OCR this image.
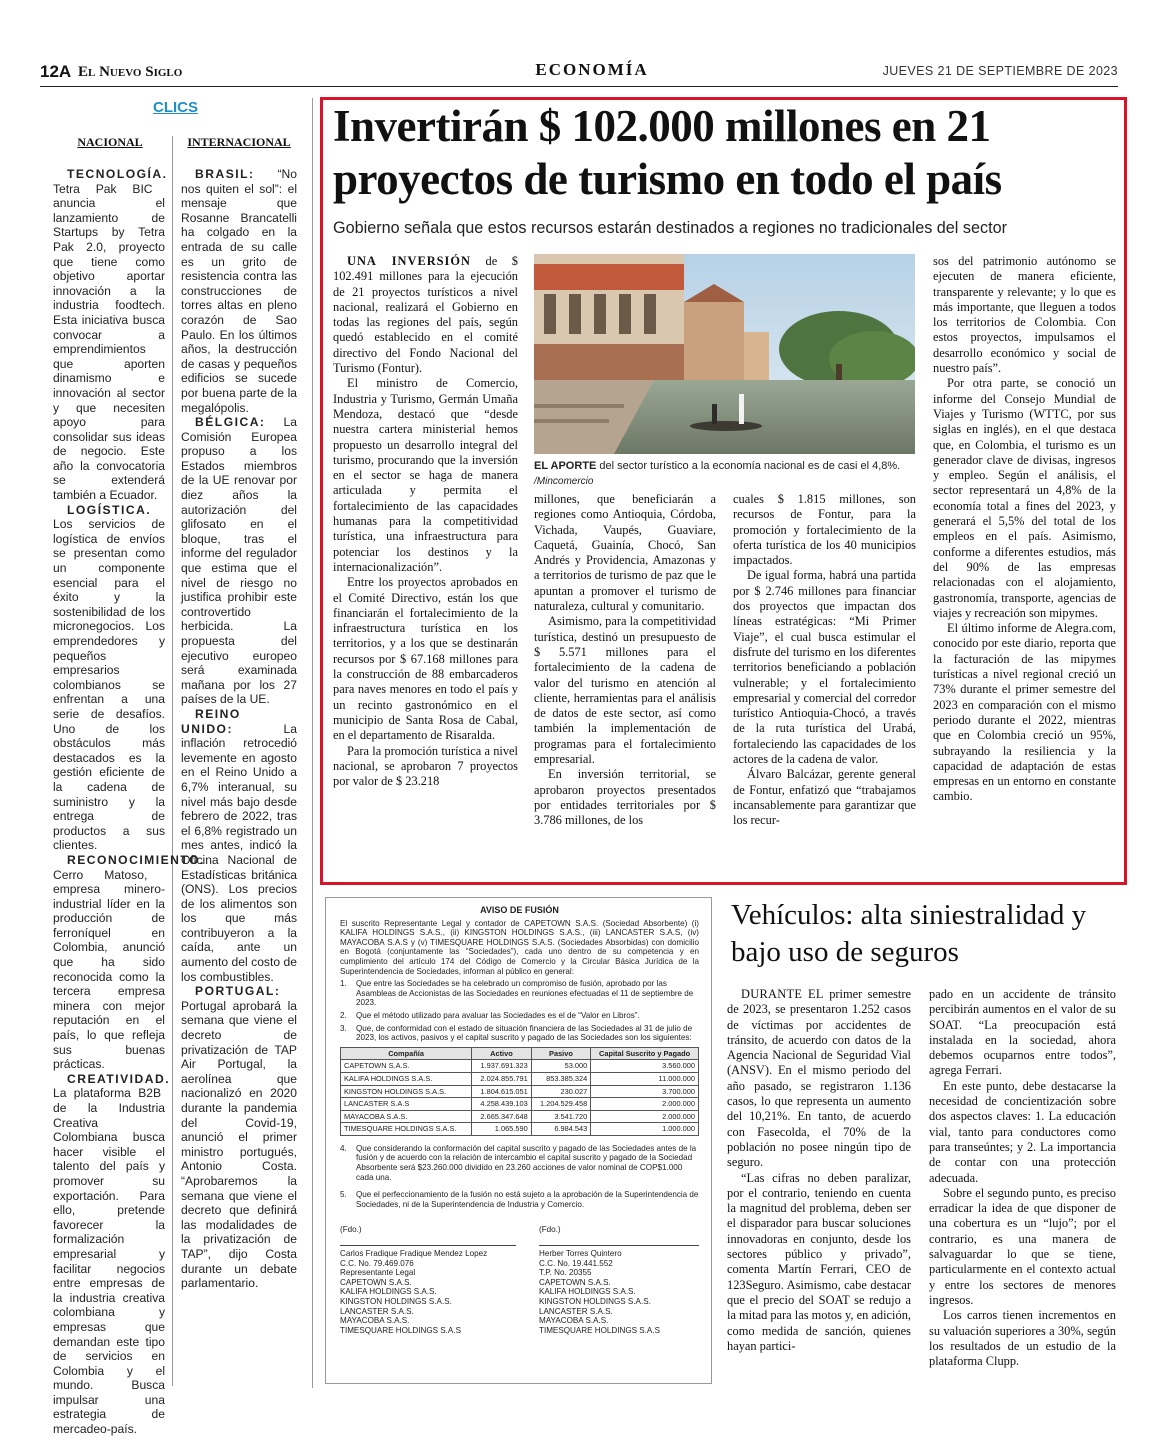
12A El Nuevo Siglo	ECONOMÍA	JUEVES 21 DE SEPTIEMBRE DE 2023
CLICS
NACIONAL	INTERNACIONAL

TECNOLOGÍA. Tetra Pak BIC anuncia el lanzamiento de Startups by Tetra Pak 2.0, proyecto que tiene como objetivo aportar innovación a la industria foodtech. Esta iniciativa busca convocar a emprendimientos que aporten dinamismo e innovación al sector y que necesiten apoyo para consolidar sus ideas de negocio. Este año la convocatoria se extenderá también a Ecuador.

LOGÍSTICA. Los servicios de logística de envíos se presentan como un componente esencial para el éxito y la sostenibilidad de los micronegocios. Los emprendedores y pequeños empresarios colombianos se enfrentan a una serie de desafíos. Uno de los obstáculos más destacados es la gestión eficiente de la cadena de suministro y la entrega de productos a sus clientes.

RECONOCIMIENTO. Cerro Matoso, empresa minero-industrial líder en la producción de ferroníquel en Colombia, anunció que ha sido reconocida como la tercera empresa minera con mejor reputación en el país, lo que refleja sus buenas prácticas.

CREATIVIDAD. La plataforma B2B de la Industria Creativa Colombiana busca hacer visible el talento del país y promover su exportación. Para ello, pretende favorecer la formalización empresarial y facilitar negocios entre empresas de la industria creativa colombiana y empresas que demandan este tipo de servicios en Colombia y el mundo. Busca impulsar una estrategia de mercadeo-país.

BRASIL: “No nos quiten el sol”: el mensaje que Rosanne Brancatelli ha colgado en la entrada de su calle es un grito de resistencia contra las construcciones de torres altas en pleno corazón de Sao Paulo. En los últimos años, la destrucción de casas y pequeños edificios se sucede por buena parte de la megalópolis.

BÉLGICA: La Comisión Europea propuso a los Estados miembros de la UE renovar por diez años la autorización del glifosato en el bloque, tras el informe del regulador que estima que el nivel de riesgo no justifica prohibir este controvertido herbicida. La propuesta del ejecutivo europeo será examinada mañana por los 27 países de la UE.

REINO UNIDO: La inflación retrocedió levemente en agosto en el Reino Unido a 6,7% interanual, su nivel más bajo desde febrero de 2022, tras el 6,8% registrado un mes antes, indicó la Oficina Nacional de Estadísticas británica (ONS). Los precios de los alimentos son los que más contribuyeron a la caída, ante un aumento del costo de los combustibles.

PORTUGAL: Portugal aprobará la semana que viene el decreto de privatización de TAP Air Portugal, la aerolínea que nacionalizó en 2020 durante la pandemia del Covid-19, anunció el primer ministro portugués, Antonio Costa. “Aprobaremos la semana que viene el decreto que definirá las modalidades de la privatización de TAP”, dijo Costa durante un debate parlamentario.

Invertirán $ 102.000 millones en 21 proyectos de turismo en todo el país
Gobierno señala que estos recursos estarán destinados a regiones no tradicionales del sector
EL APORTE del sector turístico a la economía nacional es de casi el 4,8%. /Mincomercio

UNA INVERSIÓN de $ 102.491 millones para la ejecución de 21 proyectos turísticos a nivel nacional, realizará el Gobierno en todas las regiones del país, según quedó establecido en el comité directivo del Fondo Nacional del Turismo (Fontur).

El ministro de Comercio, Industria y Turismo, Germán Umaña Mendoza, destacó que “desde nuestra cartera ministerial hemos propuesto un desarrollo integral del turismo, procurando que la inversión en el sector se haga de manera articulada y permita el fortalecimiento de las capacidades humanas para la competitividad turística, una infraestructura para potenciar los destinos y la internacionalización”.

Entre los proyectos aprobados en el Comité Directivo, están los que financiarán el fortalecimiento de la infraestructura turística en los territorios, y a los que se destinarán recursos por $ 67.168 millones para la construcción de 88 embarcaderos para naves menores en todo el país y un recinto gastronómico en el municipio de Santa Rosa de Cabal, en el departamento de Risaralda.

Para la promoción turística a nivel nacional, se aprobaron 7 proyectos por valor de $ 23.218

millones, que beneficiarán a regiones como Antioquia, Córdoba, Vichada, Vaupés, Guaviare, Caquetá, Guainía, Chocó, San Andrés y Providencia, Amazonas y a territorios de turismo de paz que le apuntan a promover el turismo de naturaleza, cultural y comunitario.

Asimismo, para la competitividad turística, destinó un presupuesto de $ 5.571 millones para el fortalecimiento de la cadena de valor del turismo en atención al cliente, herramientas para el análisis de datos de este sector, así como también la implementación de programas para el fortalecimiento empresarial.

En inversión territorial, se aprobaron proyectos presentados por entidades territoriales por $ 3.786 millones, de los

cuales $ 1.815 millones, son recursos de Fontur, para la promoción y fortalecimiento de la oferta turística de los 40 municipios impactados.

De igual forma, habrá una partida por $ 2.746 millones para financiar dos proyectos que impactan dos líneas estratégicas: “Mi Primer Viaje”, el cual busca estimular el disfrute del turismo en los diferentes territorios beneficiando a población vulnerable; y el fortalecimiento empresarial y comercial del corredor turístico Antioquia-Chocó, a través de la ruta turística del Urabá, fortaleciendo las capacidades de los actores de la cadena de valor.

Álvaro Balcázar, gerente general de Fontur, enfatizó que “trabajamos incansablemente para garantizar que los recur-

sos del patrimonio autónomo se ejecuten de manera eficiente, transparente y relevante; y lo que es más importante, que lleguen a todos los territorios de Colombia. Con estos proyectos, impulsamos el desarrollo económico y social de nuestro país”.

Por otra parte, se conoció un informe del Consejo Mundial de Viajes y Turismo (WTTC, por sus siglas en inglés), en el que destaca que, en Colombia, el turismo es un generador clave de divisas, ingresos y empleo. Según el análisis, el sector representará un 4,8% de la economía total a fines del 2023, y generará el 5,5% del total de los empleos en el país. Asimismo, conforme a diferentes estudios, más del 90% de las empresas relacionadas con el alojamiento, gastronomía, transporte, agencias de viajes y recreación son mipymes.

El último informe de Alegra.com, conocido por este diario, reporta que la facturación de las mipymes turísticas a nivel regional creció un 73% durante el primer semestre del 2023 en comparación con el mismo periodo durante el 2022, mientras que en Colombia creció un 95%, subrayando la resiliencia y la capacidad de adaptación de estas empresas en un entorno en constante cambio.

AVISO DE FUSIÓN
El suscrito Representante Legal y contador de CAPETOWN S.A.S. (Sociedad Absorbente) (i) KALIFA HOLDINGS S.A.S., (ii) KINGSTON HOLDINGS S.A.S., (iii) LANCASTER S.A.S, (iv) MAYACOBA S.A.S y (v) TIMESQUARE HOLDINGS S.A.S. (Sociedades Absorbidas) con domicilio en Bogotá (conjuntamente las “Sociedades”), cada uno dentro de su competencia y en cumplimiento del artículo 174 del Código de Comercio y la Circular Básica Jurídica de la Superintendencia de Sociedades, informan al público en general:
1.	Que entre las Sociedades se ha celebrado un compromiso de fusión, aprobado por las Asambleas de Accionistas de las Sociedades en reuniones efectuadas el 11 de septiembre de 2023.
2.	Que el método utilizado para avaluar las Sociedades es el de “Valor en Libros”.
3.	Que, de conformidad con el estado de situación financiera de las Sociedades al 31 de julio de 2023, los activos, pasivos y el capital suscrito y pagado de las Sociedades son los siguientes:
Compañía	Activo	Pasivo	Capital Suscrito y Pagado
CAPETOWN S.A.S.	1.937.691.323	53.000	3.560.000
KALIFA HOLDINGS S.A.S.	2.024.855.791	853.385.324	11.000.000
KINGSTON HOLDINGS S.A.S.	1.804.615.051	230.027	3.700.000
LANCASTER S.A.S	4.258.439.103	1.204.529.458	2.000.000
MAYACOBA S.A.S.	2.665.347.648	3.541.720	2.000.000
TIMESQUARE HOLDINGS S.A.S.	1.065.590	6.984.543	1.000.000
4.	Que considerando la conformación del capital suscrito y pagado de las Sociedades antes de la fusión y de acuerdo con la relación de intercambio el capital suscrito y pagado de la Sociedad Absorbente será $23.260.000 dividido en 23.260 acciones de valor nominal de COP$1.000 cada una.
5.	Que el perfeccionamiento de la fusión no está sujeto a la aprobación de la Superintendencia de Sociedades, ni de la Superintendencia de Industria y Comercio.
(Fdo.)
Carlos Fradique Fradique Mendez Lopez
C.C. No. 79.469.076
Representante Legal
CAPETOWN S.A.S.
KALIFA HOLDINGS S.A.S.
KINGSTON HOLDINGS S.A.S.
LANCASTER S.A.S.
MAYACOBA S.A.S.
TIMESQUARE HOLDINGS S.A.S
(Fdo.)
Herber Torres Quintero
C.C. No. 19.441.552
T.P. No. 20355
CAPETOWN S.A.S.
KALIFA HOLDINGS S.A.S.
KINGSTON HOLDINGS S.A.S.
LANCASTER S.A.S.
MAYACOBA S.A.S.
TIMESQUARE HOLDINGS S.A.S
Vehículos: alta siniestralidad y bajo uso de seguros

DURANTE EL primer semestre de 2023, se presentaron 1.252 casos de víctimas por accidentes de tránsito, de acuerdo con datos de la Agencia Nacional de Seguridad Vial (ANSV). En el mismo periodo del año pasado, se registraron 1.136 casos, lo que representa un aumento del 10,21%. En tanto, de acuerdo con Fasecolda, el 70% de la población no posee ningún tipo de seguro.

“Las cifras no deben paralizar, por el contrario, teniendo en cuenta la magnitud del problema, deben ser el disparador para buscar soluciones innovadoras en conjunto, desde los sectores público y privado”, comenta Martín Ferrari, CEO de 123Seguro. Asimismo, cabe destacar que el precio del SOAT se redujo a la mitad para las motos y, en adición, como medida de sanción, quienes hayan partici-

pado en un accidente de tránsito percibirán aumentos en el valor de su SOAT. “La preocupación está instalada en la sociedad, ahora debemos ocuparnos entre todos”, agrega Ferrari.

En este punto, debe destacarse la necesidad de concientización sobre dos aspectos claves: 1. La educación vial, tanto para conductores como para transeúntes; y 2. La importancia de contar con una protección adecuada.

Sobre el segundo punto, es preciso erradicar la idea de que disponer de una cobertura es un “lujo”; por el contrario, es una manera de salvaguardar lo que se tiene, particularmente en el contexto actual y entre los sectores de menores ingresos.

Los carros tienen incrementos en su valuación superiores a 30%, según los resultados de un estudio de la plataforma Clupp.
